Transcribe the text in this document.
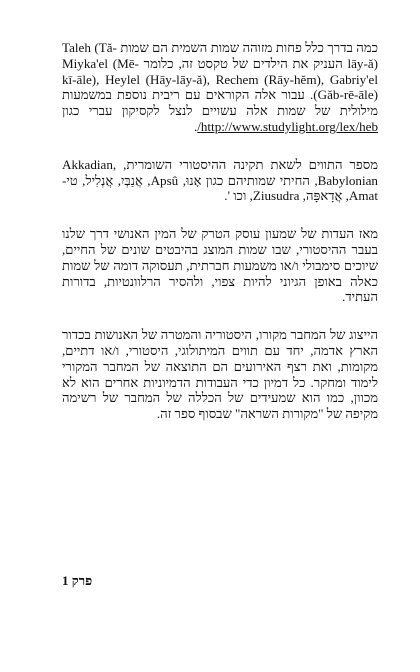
כמה בדרך כלל פחות מזוהה שמות השמית הם שמות Taleh (Tă-lāy-ă) העניק את הילדים של טקסט זה, כלומר Miyka'el (Mē-kī-āle), Heylel (Hāy-lāy-ă), Rechem (Rāy-hĕm), Gabriy'el (Găb-rē-āle). עבור אלה הקוראים עם ריבית נוספת במשמעות מילולית של שמות אלה עשויים לנצל לקסיקון עברי כגון http://www.studylight.org/lex/heb/.

מספר התווים לשאת תקינה ההיסטורי השומרית, Akkadian, Babylonian, החיתי שמותיהם כגון אָנוּ, Apsû, אֲנַבְּיִ, אֲנְלִיל, טי-Amat, אֲדָאפָּה, Ziusudra, וכו '.

מאז העדות של שמעון עוסק הטרק של המין האנושי דרך שלנו בעבר ההיסטורי, שבו שמות המוצג בהיבטים שונים של החיים, שיוכים סימבולי ו/או משמעות חברתית, תעסוקה דומה של שמות כאלה באופן הגיוני להיות צפוי, ולהסיר הרלוונטיות, בדורות העתיד.

הייצוג של המחבר מקורו, היסטוריה והמטרה של האנושות בכדור הארץ אדמה, יחד עם תווים המיתולוגי, היסטורי, ו/או דתיים, מקומות, ואת רצף האירועים הם התוצאה של המחבר המקורי לימוד ומחקר. כל דמיון כדי העבודות הדמיוניות אחרים הוא לא מכוון, כמו הוא שמעידים של הכללה של המחבר של רשימה מקיפה של "מקורות השראה" שבסוף ספר זה.

פרק 1
